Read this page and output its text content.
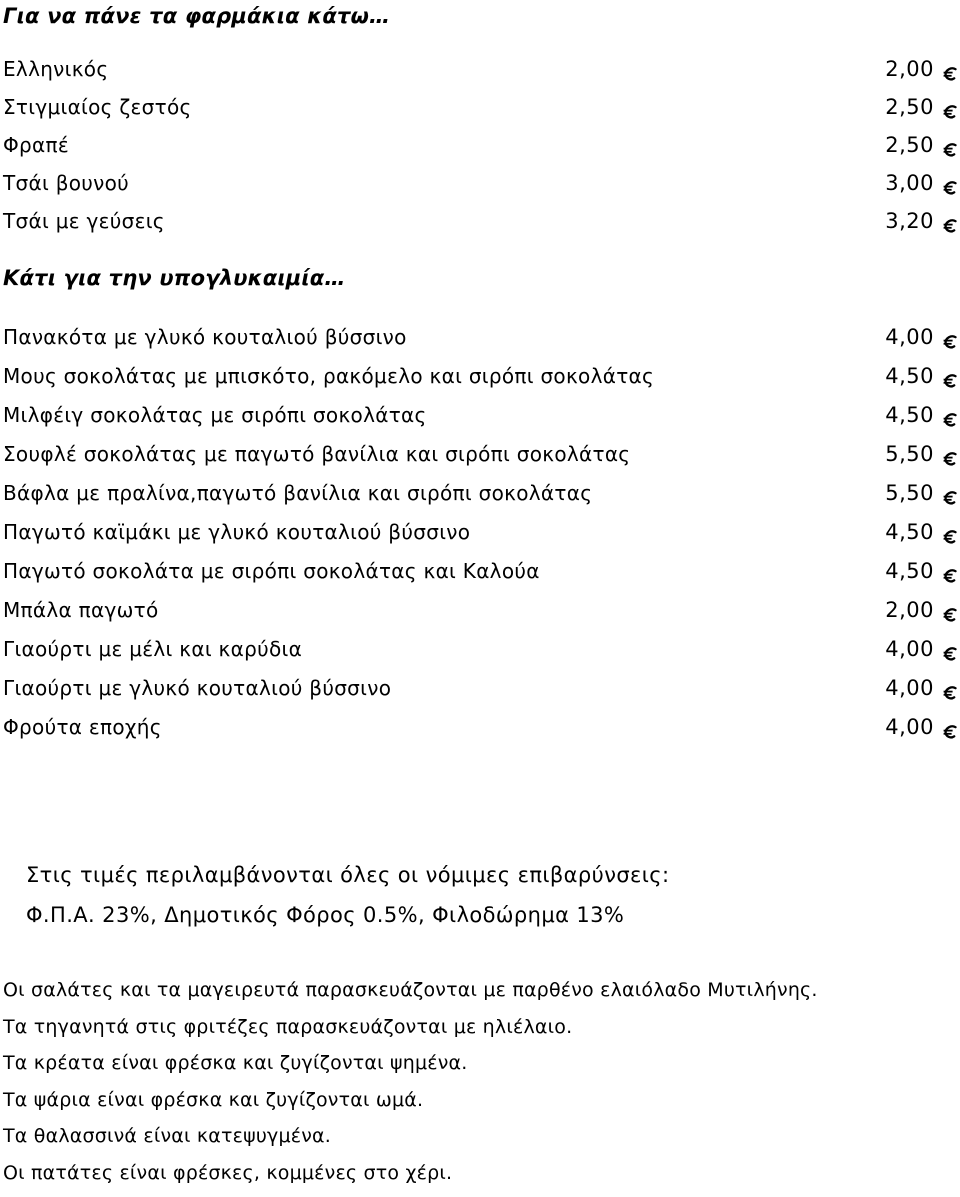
Για να πάνε τα φαρμάκια κάτω…
Ελληνικός	2,00
Στιγμιαίος ζεστός	2,50
Φραπέ	2,50
Τσάι βουνού	3,00
Τσάι με γεύσεις	3,20
Κάτι για την υπογλυκαιμία…
Πανακότα με γλυκό κουταλιού βύσσινο	4,00
Μους σοκολάτας με μπισκότο, ρακόμελο και σιρόπι σοκολάτας	4,50
Μιλφέιγ σοκολάτας με σιρόπι σοκολάτας	4,50
Σουφλέ σοκολάτας με παγωτό βανίλια και σιρόπι σοκολάτας	5,50
Βάφλα με πραλίνα,παγωτό βανίλια και σιρόπι σοκολάτας	5,50
Παγωτό καϊμάκι με γλυκό κουταλιού βύσσινο	4,50
Παγωτό σοκολάτα με σιρόπι σοκολάτας και Καλούα	4,50
Μπάλα παγωτό	2,00
Γιαούρτι με μέλι και καρύδια	4,00
Γιαούρτι με γλυκό κουταλιού βύσσινο	4,00
Φρούτα εποχής	4,00

Στις τιμές περιλαμβάνονται όλες οι νόμιμες επιβαρύνσεις:

Φ.Π.Α. 23%, Δημοτικός Φόρος 0.5%, Φιλοδώρημα 13%

Οι σαλάτες και τα μαγειρευτά παρασκευάζονται με παρθένο ελαιόλαδο Μυτιλήνης.
Τα τηγανητά στις φριτέζες παρασκευάζονται με ηλιέλαιο.
Τα κρέατα είναι φρέσκα και ζυγίζονται ψημένα.
Τα ψάρια είναι φρέσκα και ζυγίζονται ωμά.
Τα θαλασσινά είναι κατεψυγμένα.
Οι πατάτες είναι φρέσκες, κομμένες στο χέρι.
